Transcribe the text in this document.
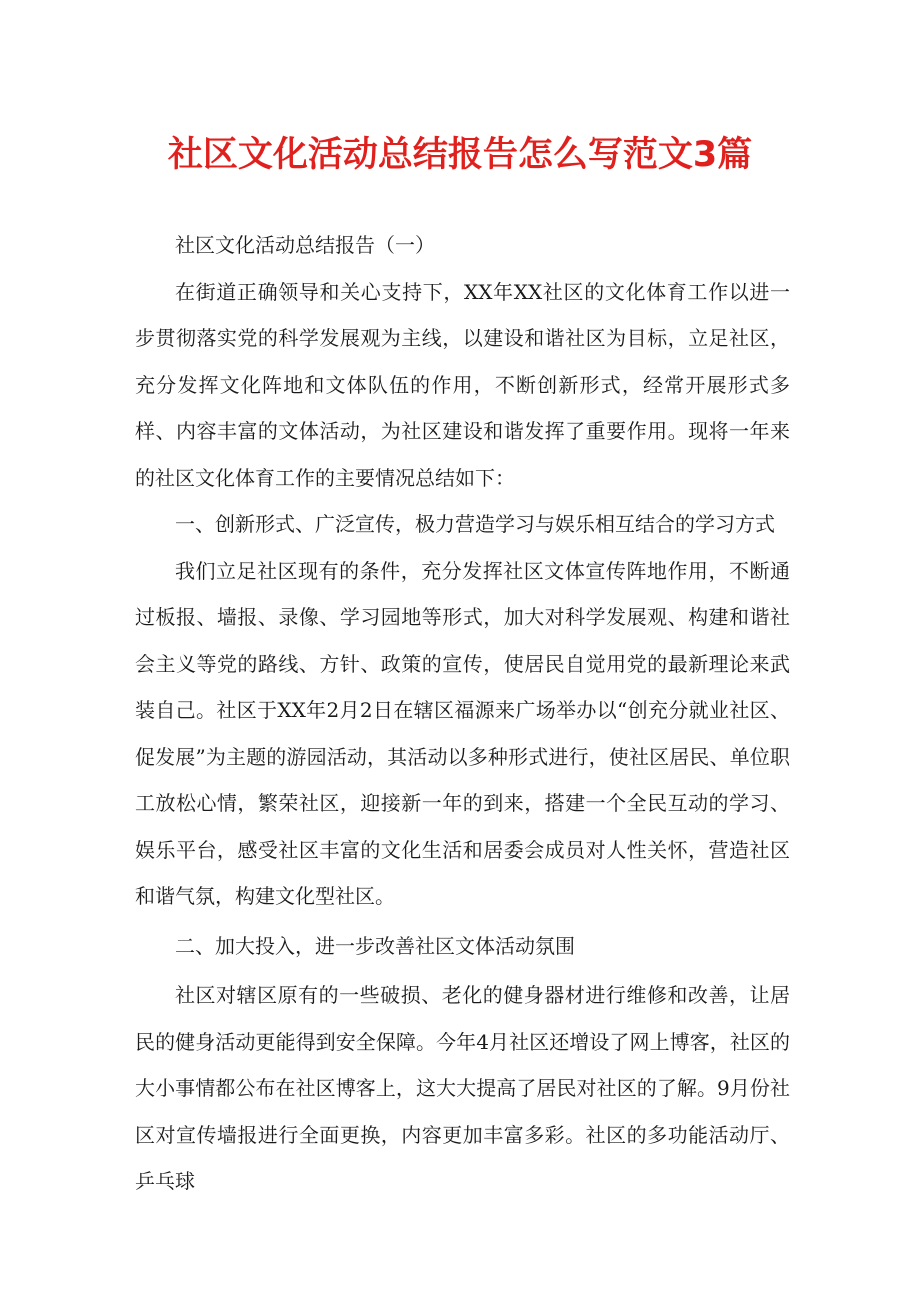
社区文化活动总结报告怎么写范文3篇

社区文化活动总结报告（一）

在街道正确领导和关心支持下，XX年XX社区的文化体育工作以进一步贯彻落实党的科学发展观为主线，以建设和谐社区为目标，立足社区，充分发挥文化阵地和文体队伍的作用，不断创新形式，经常开展形式多样、内容丰富的文体活动，为社区建设和谐发挥了重要作用。现将一年来的社区文化体育工作的主要情况总结如下：

一、创新形式、广泛宣传，极力营造学习与娱乐相互结合的学习方式

我们立足社区现有的条件，充分发挥社区文体宣传阵地作用，不断通过板报、墙报、录像、学习园地等形式，加大对科学发展观、构建和谐社会主义等党的路线、方针、政策的宣传，使居民自觉用党的最新理论来武装自己。社区于XX年2月2日在辖区福源来广场举办以“创充分就业社区、促发展”为主题的游园活动，其活动以多种形式进行，使社区居民、单位职工放松心情，繁荣社区，迎接新一年的到来，搭建一个全民互动的学习、娱乐平台，感受社区丰富的文化生活和居委会成员对人性关怀，营造社区和谐气氛，构建文化型社区。

二、加大投入，进一步改善社区文体活动氛围

社区对辖区原有的一些破损、老化的健身器材进行维修和改善，让居民的健身活动更能得到安全保障。今年4月社区还增设了网上博客，社区的大小事情都公布在社区博客上，这大大提高了居民对社区的了解。9月份社区对宣传墙报进行全面更换，内容更加丰富多彩。社区的多功能活动厅、乒乓球
